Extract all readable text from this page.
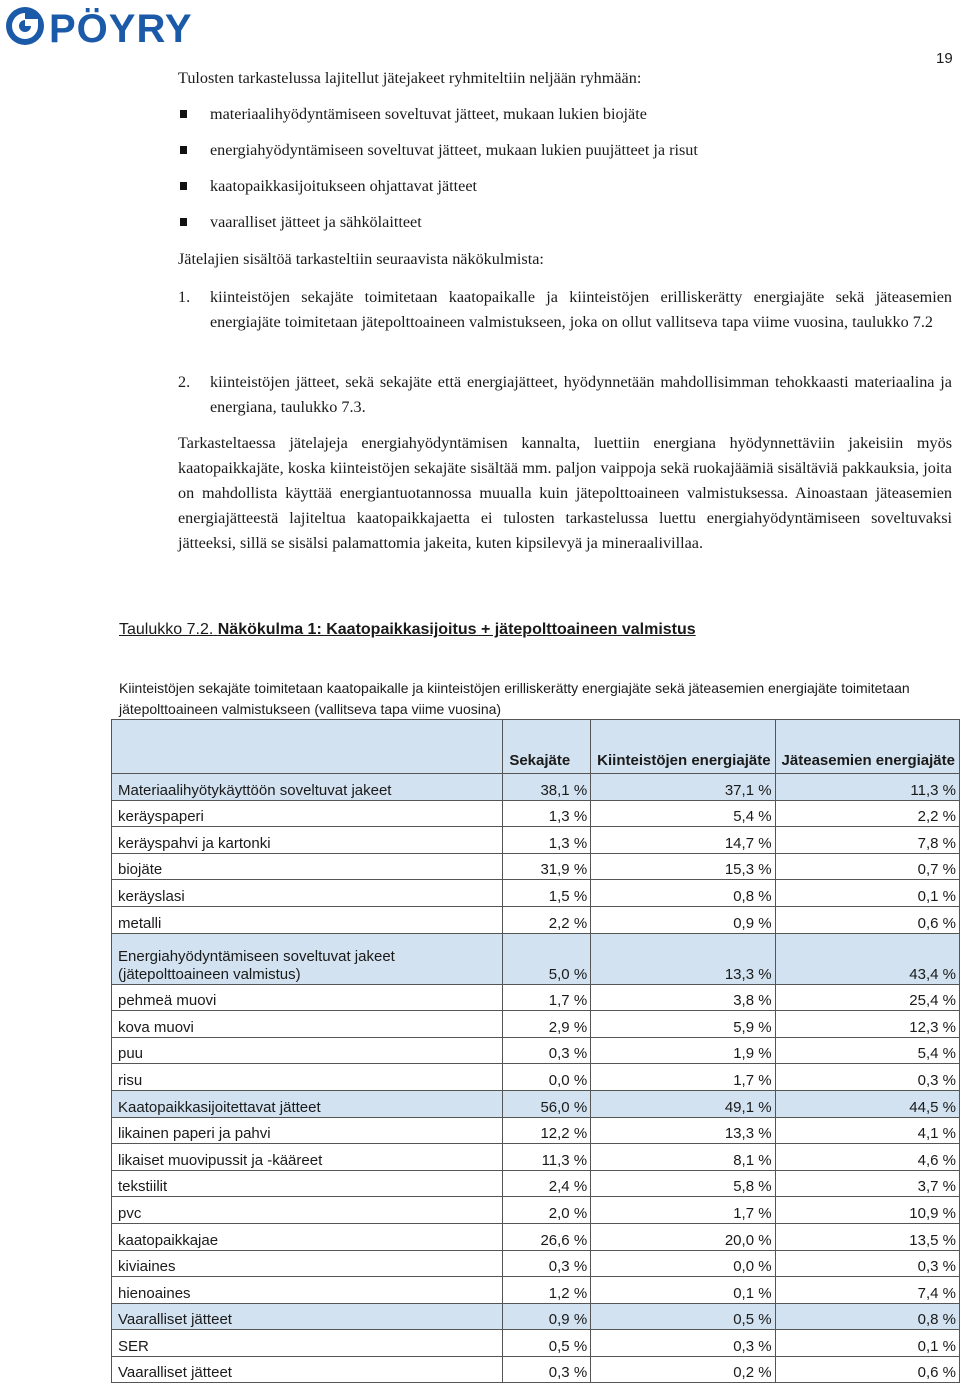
PÖYRY
19

Tulosten tarkastelussa lajitellut jätejakeet ryhmiteltiin neljään ryhmään:

materiaalihyödyntämiseen soveltuvat jätteet, mukaan lukien biojäte
energiahyödyntämiseen soveltuvat jätteet, mukaan lukien puujätteet ja risut
kaatopaikkasijoitukseen ohjattavat jätteet
vaaralliset jätteet ja sähkölaitteet

Jätelajien sisältöä tarkasteltiin seuraavista näkökulmista:

1. kiinteistöjen sekajäte toimitetaan kaatopaikalle ja kiinteistöjen erilliskerätty energiajäte sekä jäteasemien energiajäte toimitetaan jätepolttoaineen valmistukseen, joka on ollut vallitseva tapa viime vuosina, taulukko 7.2
2. kiinteistöjen jätteet, sekä sekajäte että energiajätteet, hyödynnetään mahdollisimman tehokkaasti materiaalina ja energiana, taulukko 7.3.

Tarkasteltaessa jätelajeja energiahyödyntämisen kannalta, luettiin energiana hyödynnettäviin jakeisiin myös kaatopaikkajäte, koska kiinteistöjen sekajäte sisältää mm. paljon vaippoja sekä ruokajäämiä sisältäviä pakkauksia, joita on mahdollista käyttää energiantuotannossa muualla kuin jätepolttoaineen valmistuksessa. Ainoastaan jäteasemien energiajätteestä lajiteltua kaatopaikkajaetta ei tulosten tarkastelussa luettu energiahyödyntämiseen soveltuvaksi jätteeksi, sillä se sisälsi palamattomia jakeita, kuten kipsilevyä ja mineraalivillaa.

Taulukko 7.2. Näkökulma 1: Kaatopaikkasijoitus + jätepolttoaineen valmistus

Kiinteistöjen sekajäte toimitetaan kaatopaikalle ja kiinteistöjen erilliskerätty energiajäte sekä jäteasemien energiajäte toimitetaan jätepolttoaineen valmistukseen (vallitseva tapa viime vuosina)

	Sekajäte	Kiinteistöjen energiajäte	Jäteasemien energiajäte
Materiaalihyötykäyttöön soveltuvat jakeet	38,1 %	37,1 %	11,3 %
keräyspaperi	1,3 %	5,4 %	2,2 %
keräyspahvi ja kartonki	1,3 %	14,7 %	7,8 %
biojäte	31,9 %	15,3 %	0,7 %
keräyslasi	1,5 %	0,8 %	0,1 %
metalli	2,2 %	0,9 %	0,6 %
Energiahyödyntämiseen soveltuvat jakeet (jätepolttoaineen valmistus)	5,0 %	13,3 %	43,4 %
pehmeä muovi	1,7 %	3,8 %	25,4 %
kova muovi	2,9 %	5,9 %	12,3 %
puu	0,3 %	1,9 %	5,4 %
risu	0,0 %	1,7 %	0,3 %
Kaatopaikkasijoitettavat jätteet	56,0 %	49,1 %	44,5 %
likainen paperi ja pahvi	12,2 %	13,3 %	4,1 %
likaiset muovipussit ja -kääreet	11,3 %	8,1 %	4,6 %
tekstiilit	2,4 %	5,8 %	3,7 %
pvc	2,0 %	1,7 %	10,9 %
kaatopaikkajae	26,6 %	20,0 %	13,5 %
kiviaines	0,3 %	0,0 %	0,3 %
hienoaines	1,2 %	0,1 %	7,4 %
Vaaralliset jätteet	0,9 %	0,5 %	0,8 %
SER	0,5 %	0,3 %	0,1 %
Vaaralliset jätteet	0,3 %	0,2 %	0,6 %
